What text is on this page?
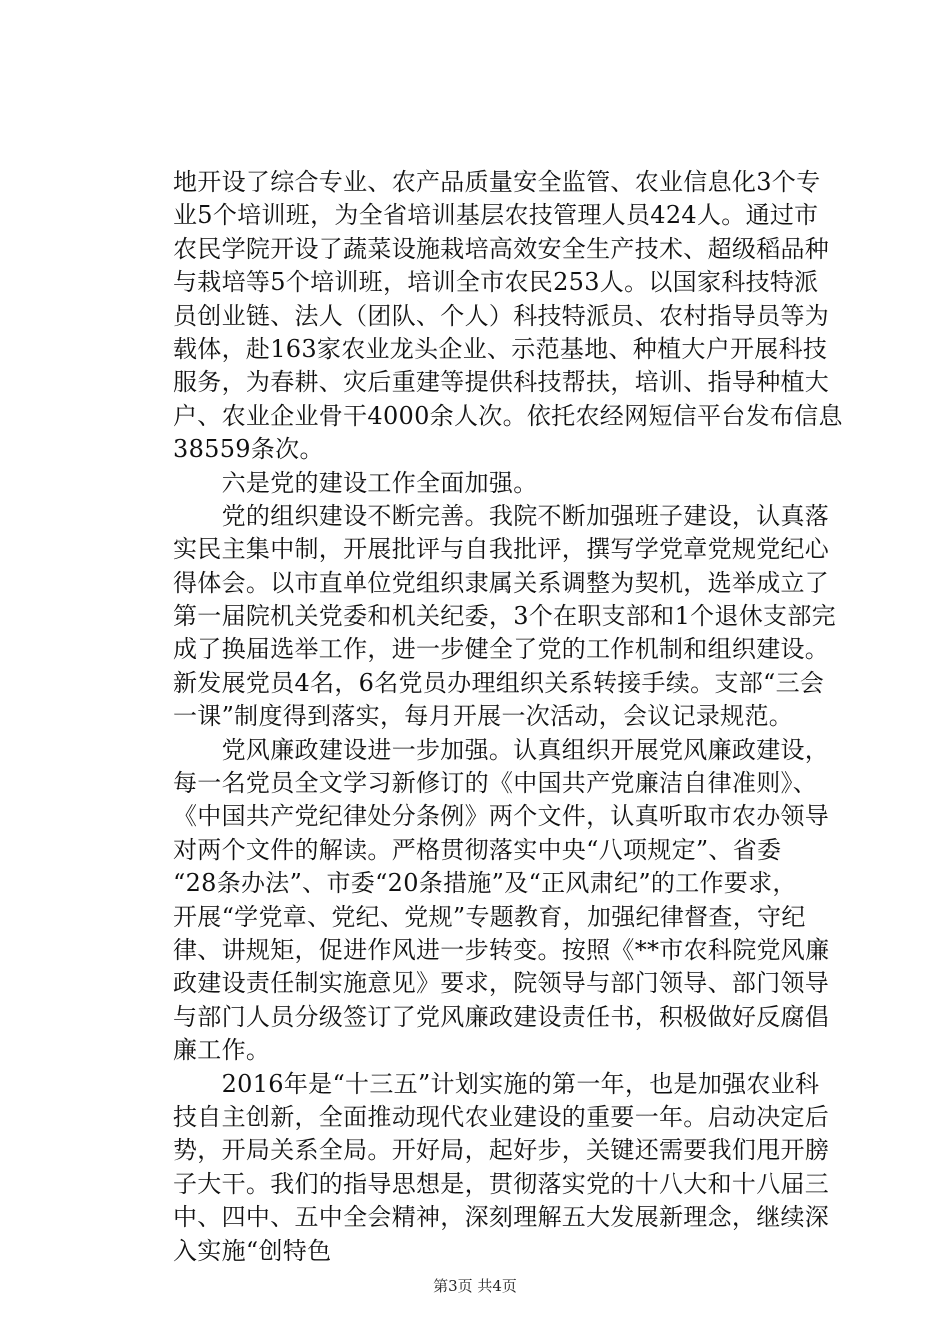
地开设了综合专业、农产品质量安全监管、农业信息化3个专
业5个培训班，为全省培训基层农技管理人员424人。通过市
农民学院开设了蔬菜设施栽培高效安全生产技术、超级稻品种
与栽培等5个培训班，培训全市农民253人。以国家科技特派
员创业链、法人（团队、个人）科技特派员、农村指导员等为
载体，赴163家农业龙头企业、示范基地、种植大户开展科技
服务，为春耕、灾后重建等提供科技帮扶，培训、指导种植大
户、农业企业骨干4000余人次。依托农经网短信平台发布信息
38559条次。
　　六是党的建设工作全面加强。
　　党的组织建设不断完善。我院不断加强班子建设，认真落
实民主集中制，开展批评与自我批评，撰写学党章党规党纪心
得体会。以市直单位党组织隶属关系调整为契机，选举成立了
第一届院机关党委和机关纪委，3个在职支部和1个退休支部完
成了换届选举工作，进一步健全了党的工作机制和组织建设。
新发展党员4名，6名党员办理组织关系转接手续。支部“三会
一课”制度得到落实，每月开展一次活动，会议记录规范。
　　党风廉政建设进一步加强。认真组织开展党风廉政建设，
每一名党员全文学习新修订的《中国共产党廉洁自律准则》、
《中国共产党纪律处分条例》两个文件，认真听取市农办领导
对两个文件的解读。严格贯彻落实中央“八项规定”、省委
“28条办法”、市委“20条措施”及“正风肃纪”的工作要求，
开展“学党章、党纪、党规”专题教育，加强纪律督查，守纪
律、讲规矩，促进作风进一步转变。按照《**市农科院党风廉
政建设责任制实施意见》要求，院领导与部门领导、部门领导
与部门人员分级签订了党风廉政建设责任书，积极做好反腐倡
廉工作。
　　2016年是“十三五”计划实施的第一年，也是加强农业科
技自主创新，全面推动现代农业建设的重要一年。启动决定后
势，开局关系全局。开好局，起好步，关键还需要我们甩开膀
子大干。我们的指导思想是，贯彻落实党的十八大和十八届三
中、四中、五中全会精神，深刻理解五大发展新理念，继续深
入实施“创特色
第3页 共4页
